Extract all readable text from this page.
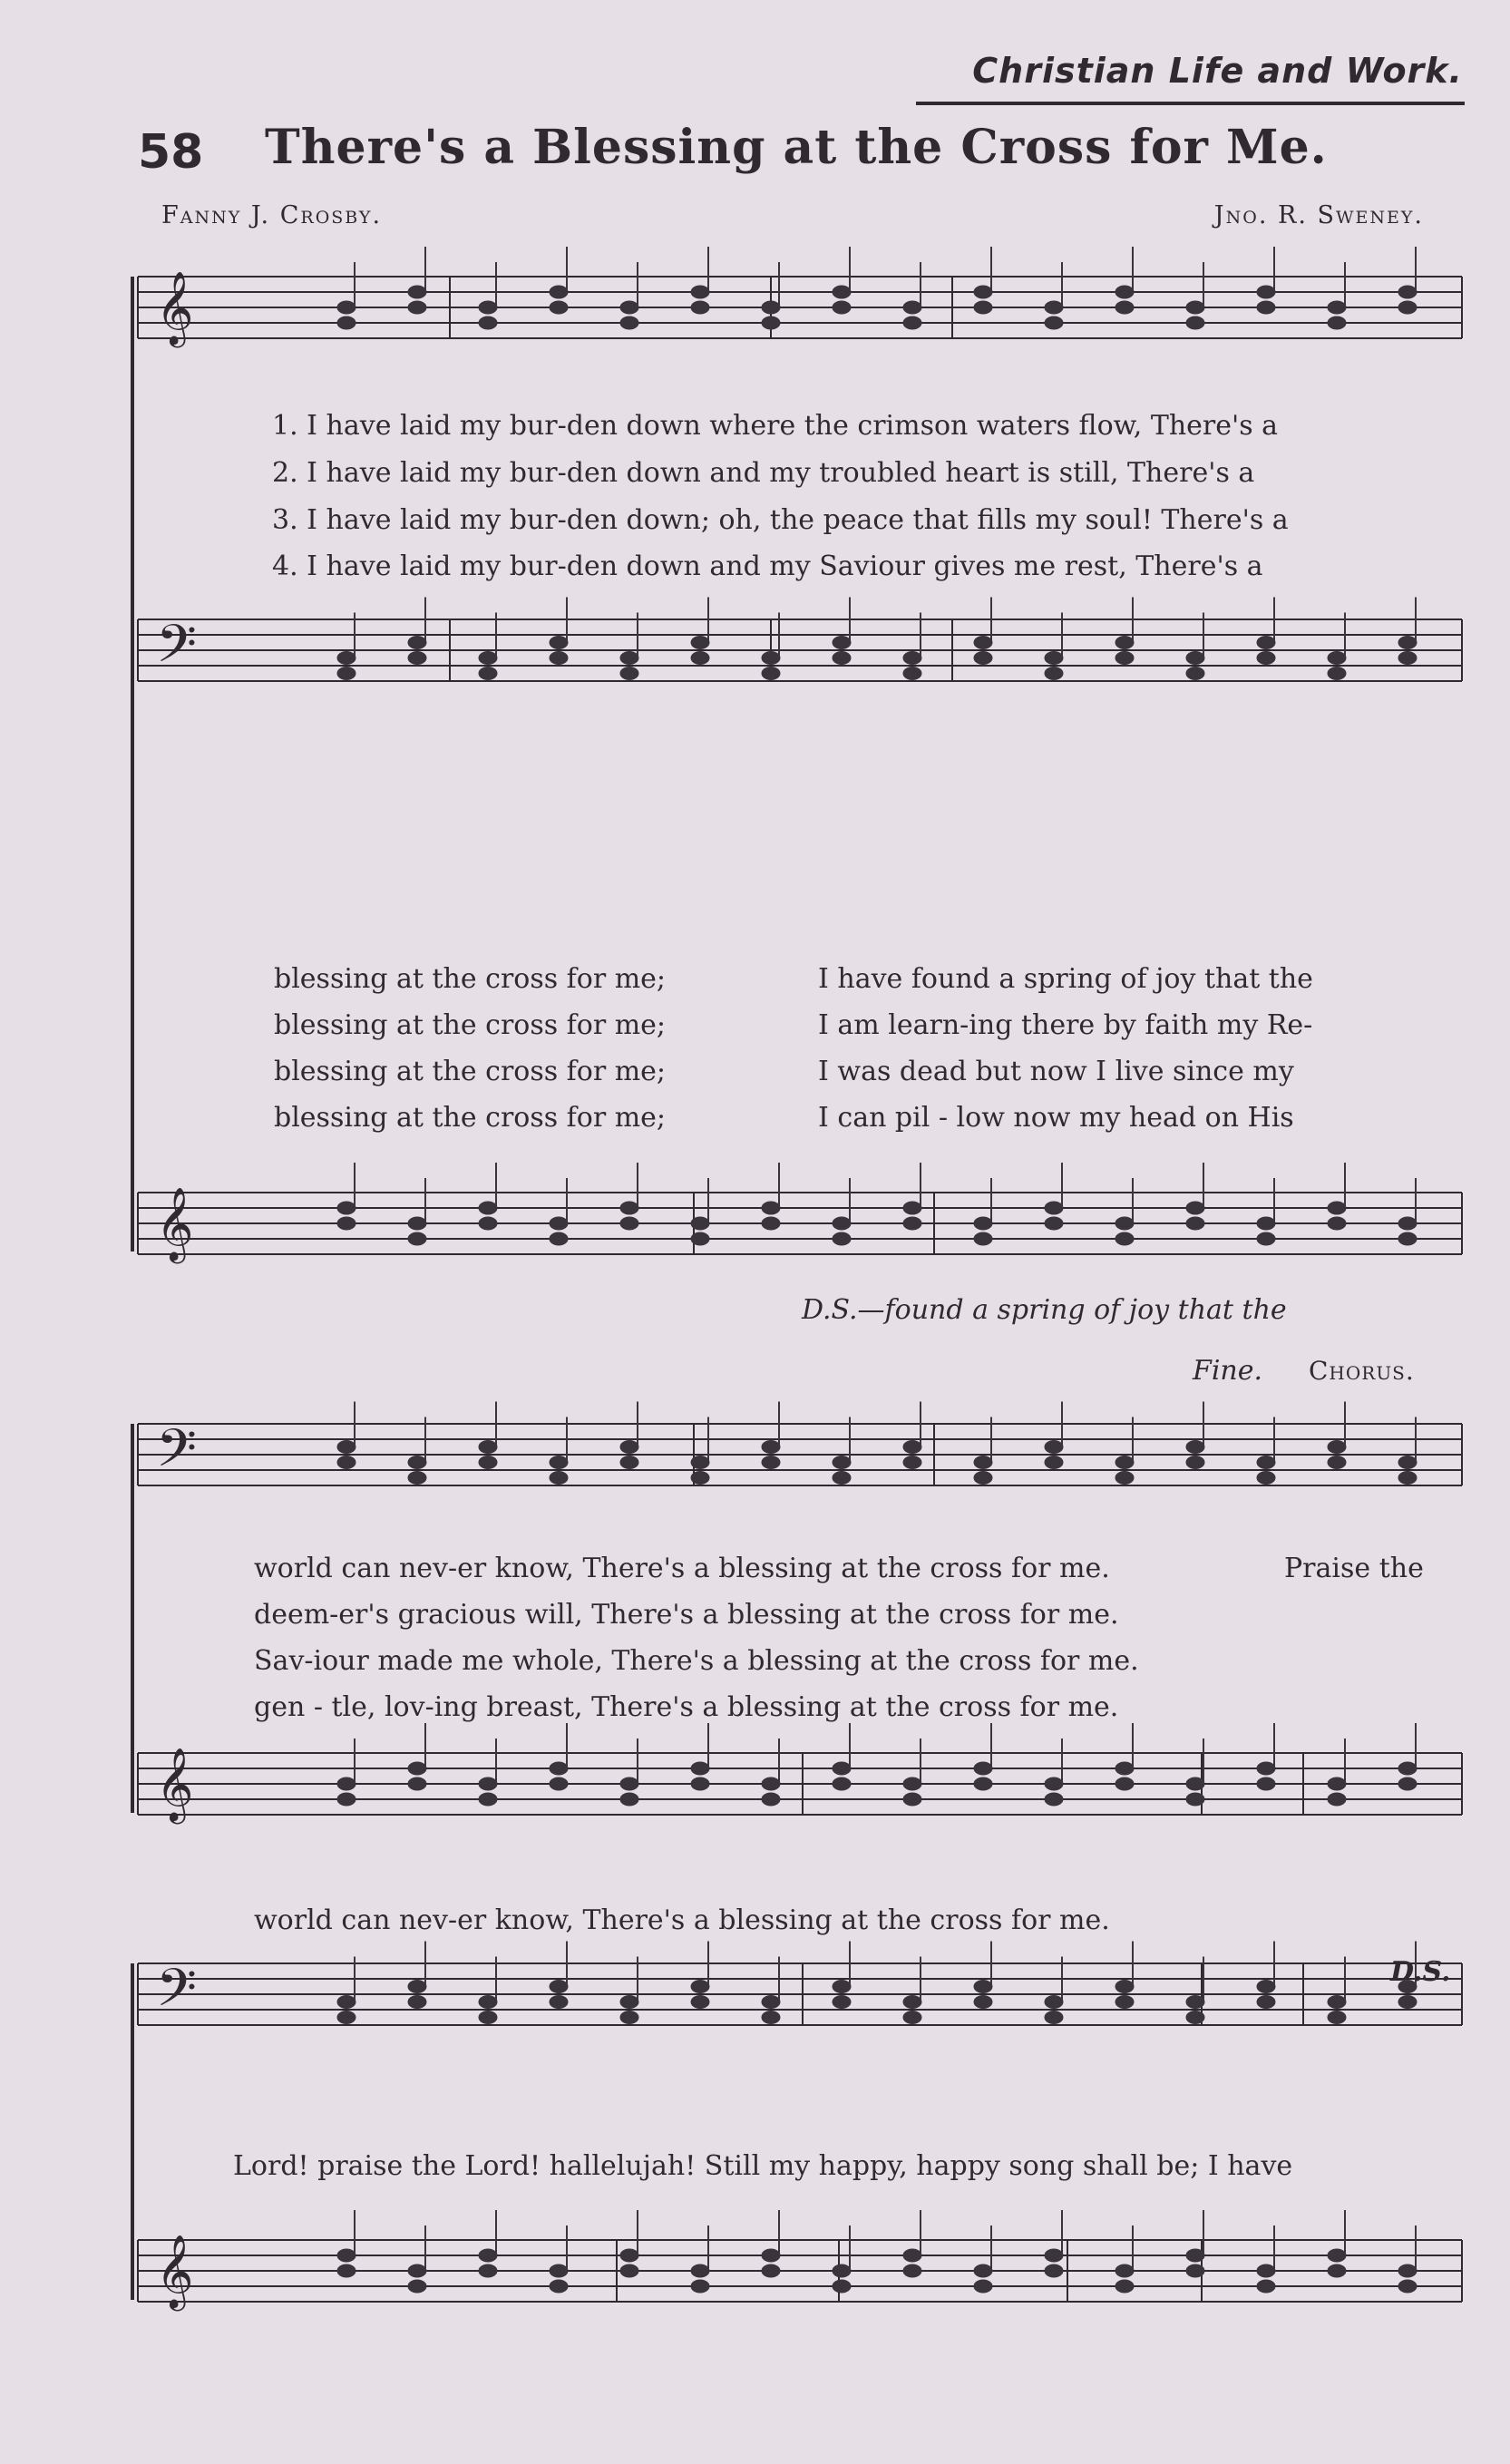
Christian Life and Work.
58 There's a Blessing at the Cross for Me.
Fanny J. Crosby.	Jno. R. Sweney.
𝄞
𝄢
𝄞
𝄢
𝄞
𝄢
𝄞
1. I have laid my bur-den down where the crimson waters flow, There's a
2. I have laid my bur-den down and my troubled heart is still, There's a
3. I have laid my bur-den down; oh, the peace that fills my soul! There's a
4. I have laid my bur-den down and my Saviour gives me rest, There's a
blessing at the cross for me;
blessing at the cross for me;
blessing at the cross for me;
blessing at the cross for me;
I have found a spring of joy that the
I am learn-ing there by faith my Re-
I was dead but now I live since my
I can pil - low now my head on His
D.S.—found a spring of joy that the
Fine. Chorus.
world can nev-er know, There's a blessing at the cross for me.
deem-er's gracious will, There's a blessing at the cross for me.
Sav-iour made me whole, There's a blessing at the cross for me.
gen - tle, lov-ing breast, There's a blessing at the cross for me.
Praise the
world can nev-er know, There's a blessing at the cross for me.
D.S.
Lord! praise the Lord! hallelujah! Still my happy, happy song shall be; I have
